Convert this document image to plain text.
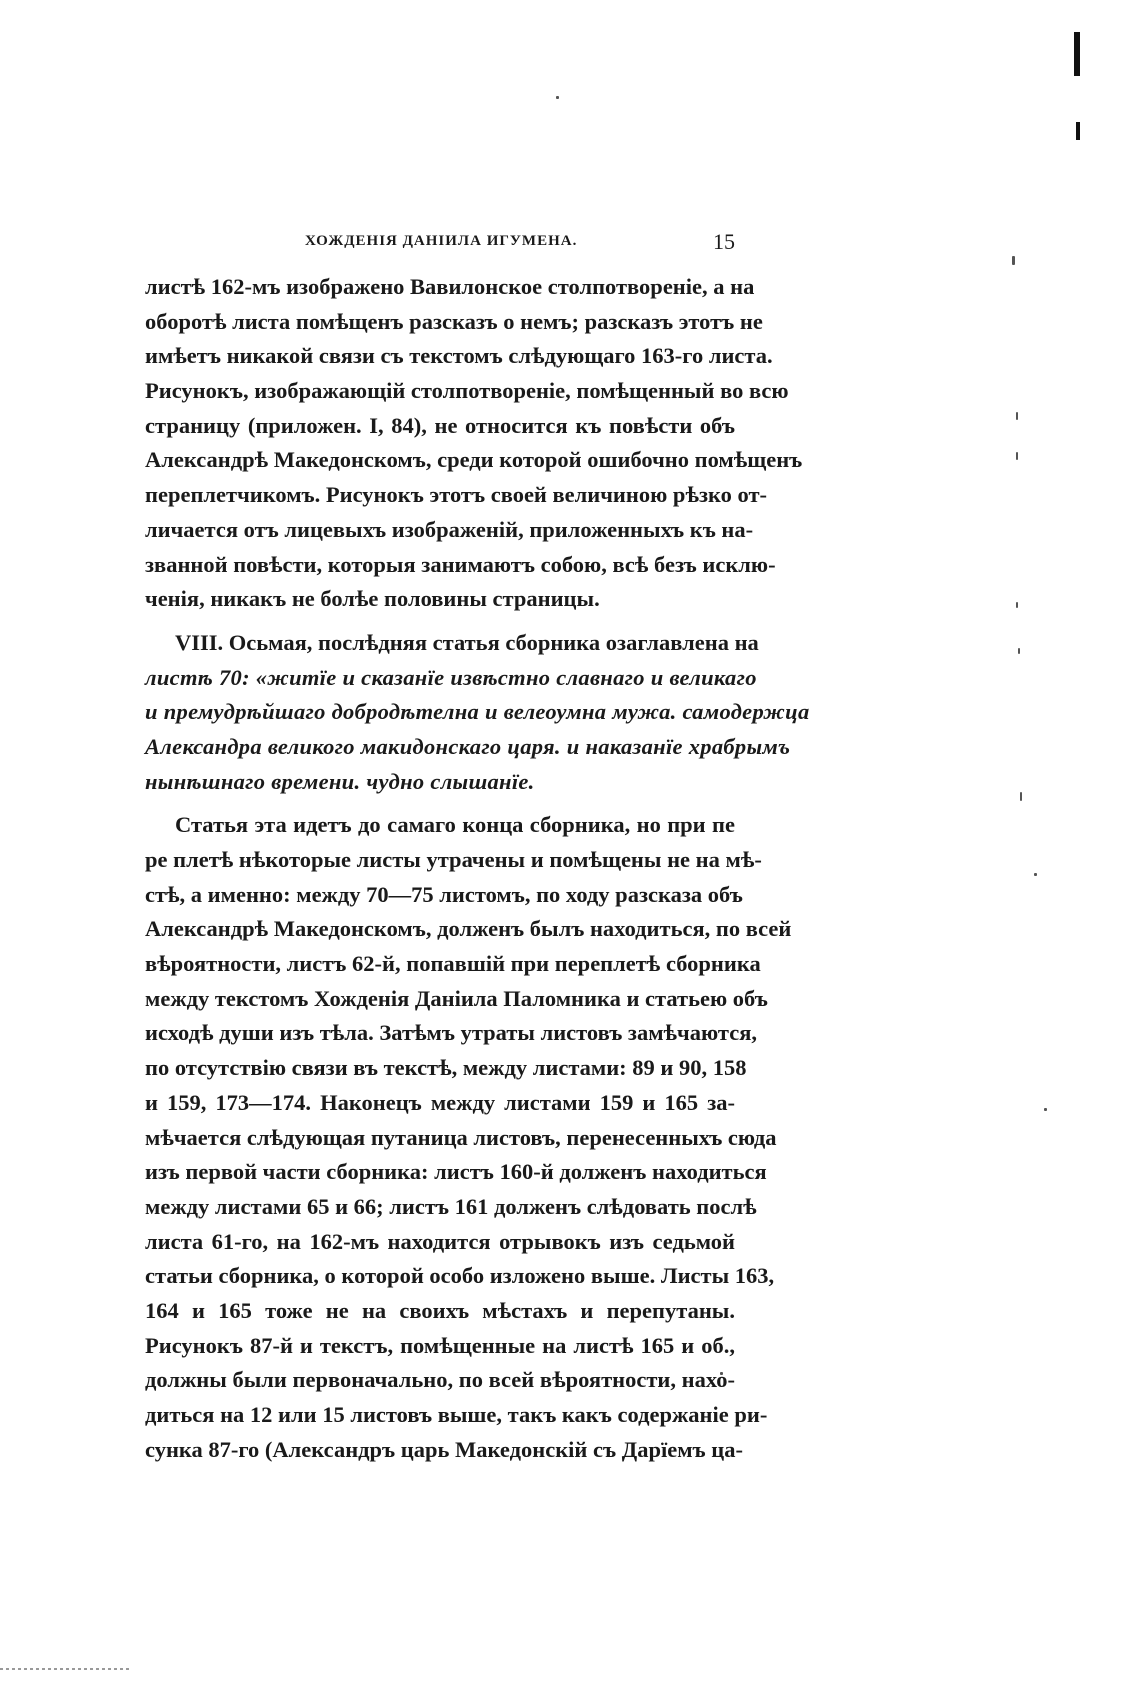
ХОЖДЕНІЯ ДАНІИЛА ИГУМЕНА.	15
листѣ 162-мъ изображено Вавилонское столпотвореніе, а на
оборотѣ листа помѣщенъ разсказъ о немъ; разсказъ этотъ не
имѣетъ никакой связи съ текстомъ слѣдующаго 163-го листа.
Рисунокъ, изображающій столпотвореніе, помѣщенный во всю
страницу (приложен. I, 84), не относится къ повѣсти объ
Александрѣ Македонскомъ, среди которой ошибочно помѣщенъ
переплетчикомъ. Рисунокъ этотъ своей величиною рѣзко от-
личается отъ лицевыхъ изображеній, приложенныхъ къ на-
званной повѣсти, которыя занимаютъ собою, всѣ безъ исклю-
ченія, никакъ не болѣе половины страницы.
VIII. Осьмая, послѣдняя статья сборника озаглавлена на
листѣ 70: «житїе и сказанїе извѣстно славнаго и великаго
и премудрѣйшаго добродѣтелна и велеоумна мужа. самодержца
Александра великого макидонскаго царя. и наказанїе храбрымъ
нынѣшнаго времени. чудно слышанїе.
Статья эта идетъ до самаго конца сборника, но при пе
ре плетѣ нѣкоторые листы утрачены и помѣщены не на мѣ-
стѣ, а именно: между 70—75 листомъ, по ходу разсказа объ
Александрѣ Македонскомъ, долженъ былъ находиться, по всей
вѣроятности, листъ 62-й, попавшій при переплетѣ сборника
между текстомъ Хожденія Даніила Паломника и статьею объ
исходѣ души изъ тѣла. Затѣмъ утраты листовъ замѣчаются,
по отсутствію связи въ текстѣ, между листами: 89 и 90, 158
и 159, 173—174. Наконецъ между листами 159 и 165 за-
мѣчается слѣдующая путаница листовъ, перенесенныхъ сюда
изъ первой части сборника: листъ 160-й долженъ находиться
между листами 65 и 66; листъ 161 долженъ слѣдовать послѣ
листа 61-го, на 162-мъ находится отрывокъ изъ седьмой
статьи сборника, о которой особо изложено выше. Листы 163,
164 и 165 тоже не на своихъ мѣстахъ и перепутаны.
Рисунокъ 87-й и текстъ, помѣщенные на листѣ 165 и об.,
должны были первоначально, по всей вѣроятности, нахо-
диться на 12 или 15 листовъ выше, такъ какъ содержаніе ри-
сунка 87-го (Александръ царь Македонскій съ Дарїемъ ца-
